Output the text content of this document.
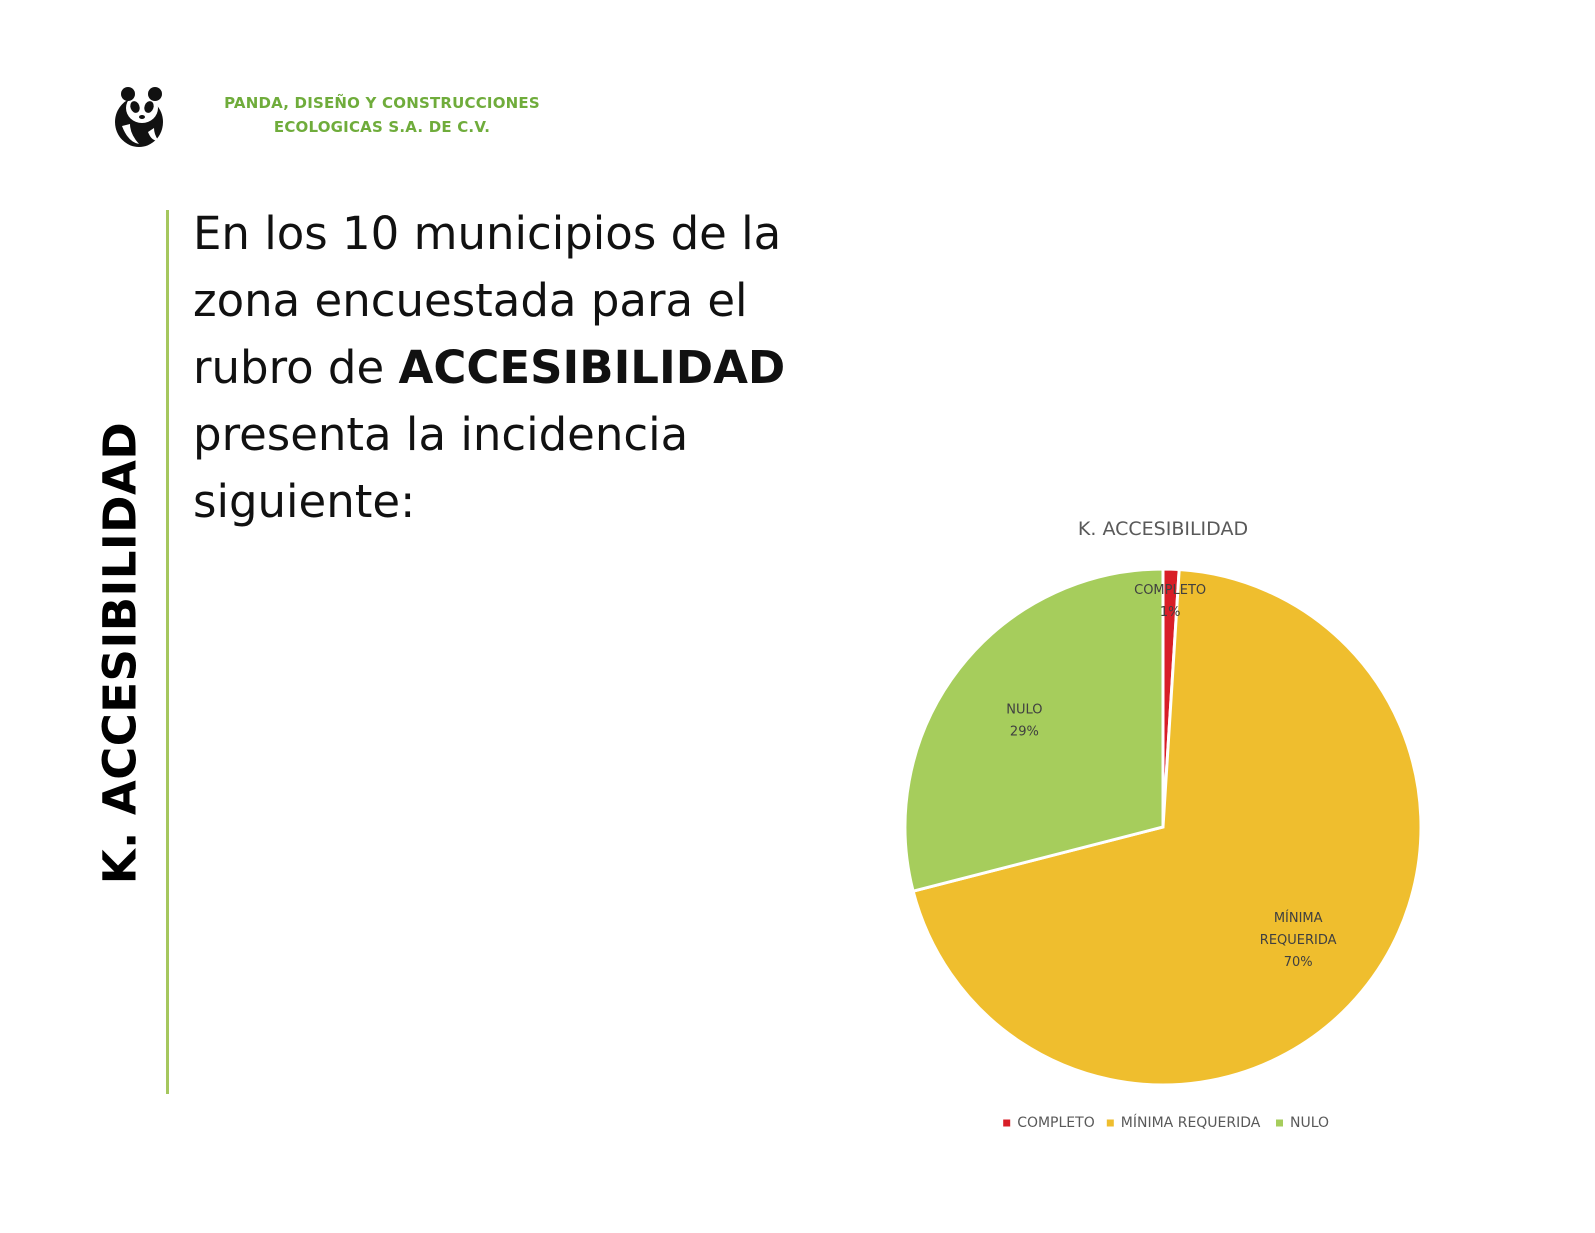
PANDA, DISEÑO Y CONSTRUCCIONES
ECOLOGICAS S.A. DE C.V.
K. ACCESIBILIDAD
En los 10 municipios de la zona encuestada para el rubro de ACCESIBILIDAD presenta la incidencia siguiente:
K. ACCESIBILIDAD
COMPLETO 1%
MÍNIMA REQUERIDA 70%
NULO 29%
COMPLETO MÍNIMA REQUERIDA NULO
